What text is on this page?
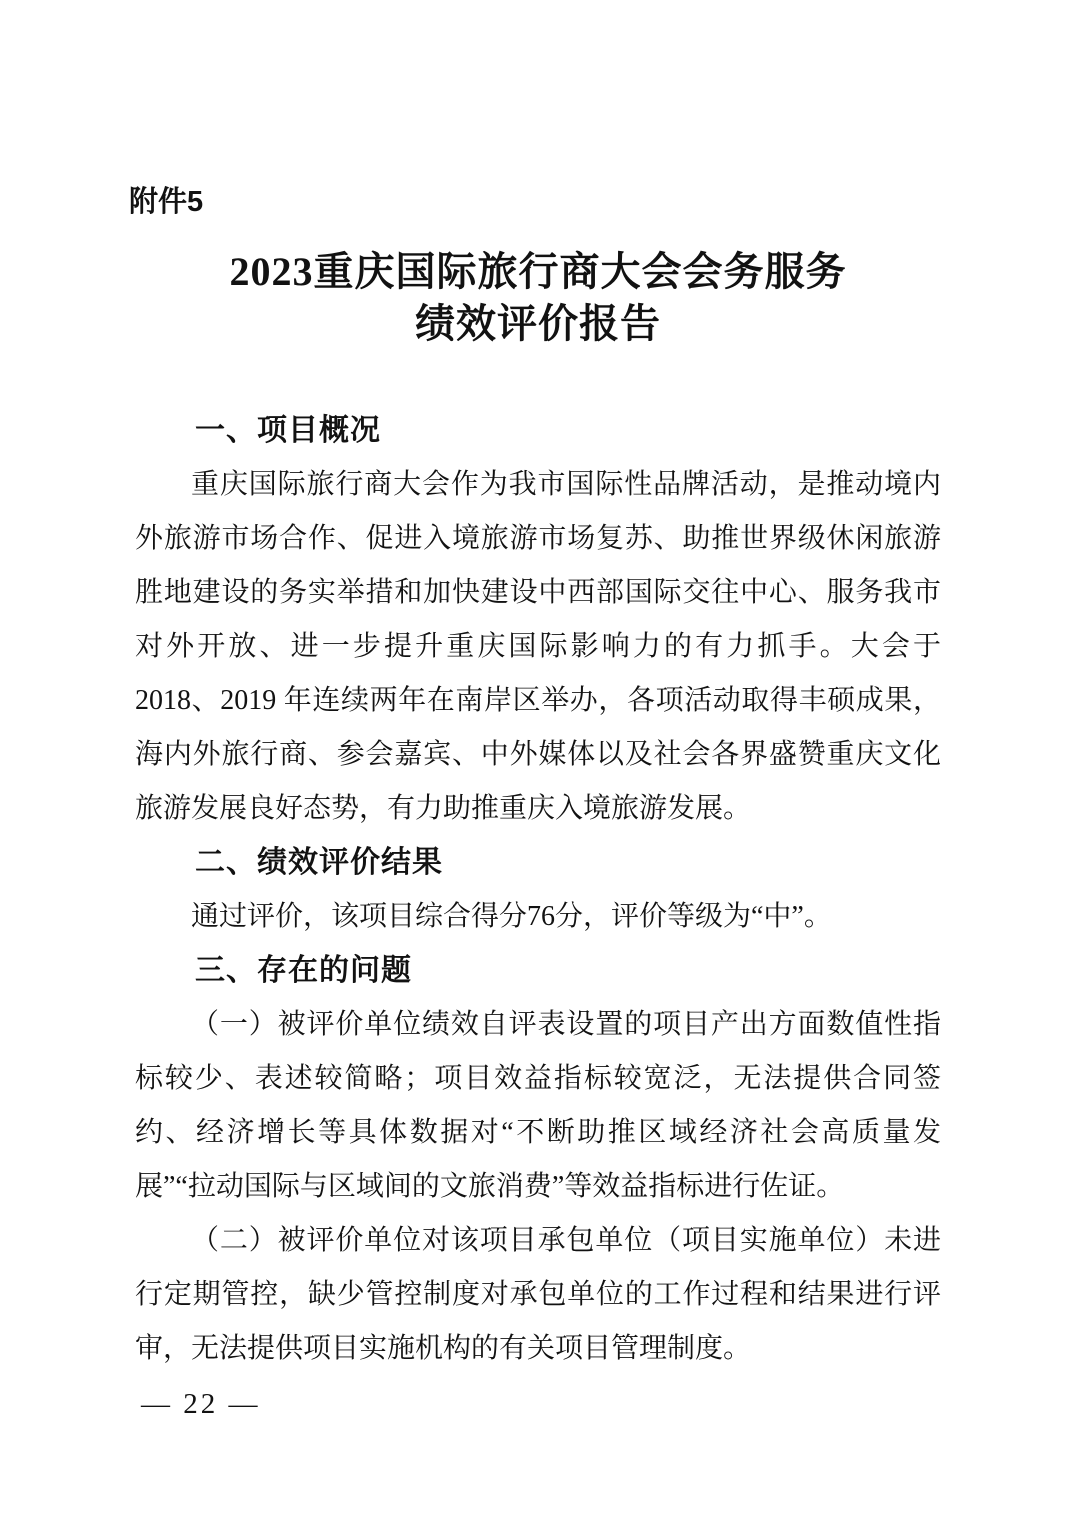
附件5
2023重庆国际旅行商大会会务服务
绩效评价报告
一、项目概况

重庆国际旅行商大会作为我市国际性品牌活动，是推动境内外旅游市场合作、促进入境旅游市场复苏、助推世界级休闲旅游胜地建设的务实举措和加快建设中西部国际交往中心、服务我市对外开放、进一步提升重庆国际影响力的有力抓手。大会于 2018、2019 年连续两年在南岸区举办，各项活动取得丰硕成果，海内外旅行商、参会嘉宾、中外媒体以及社会各界盛赞重庆文化旅游发展良好态势，有力助推重庆入境旅游发展。

二、绩效评价结果

通过评价，该项目综合得分76分，评价等级为“中”。

三、存在的问题

（一）被评价单位绩效自评表设置的项目产出方面数值性指标较少、表述较简略；项目效益指标较宽泛，无法提供合同签约、经济增长等具体数据对“不断助推区域经济社会高质量发展”“拉动国际与区域间的文旅消费”等效益指标进行佐证。

（二）被评价单位对该项目承包单位（项目实施单位）未进行定期管控，缺少管控制度对承包单位的工作过程和结果进行评审，无法提供项目实施机构的有关项目管理制度。

— 22 —
